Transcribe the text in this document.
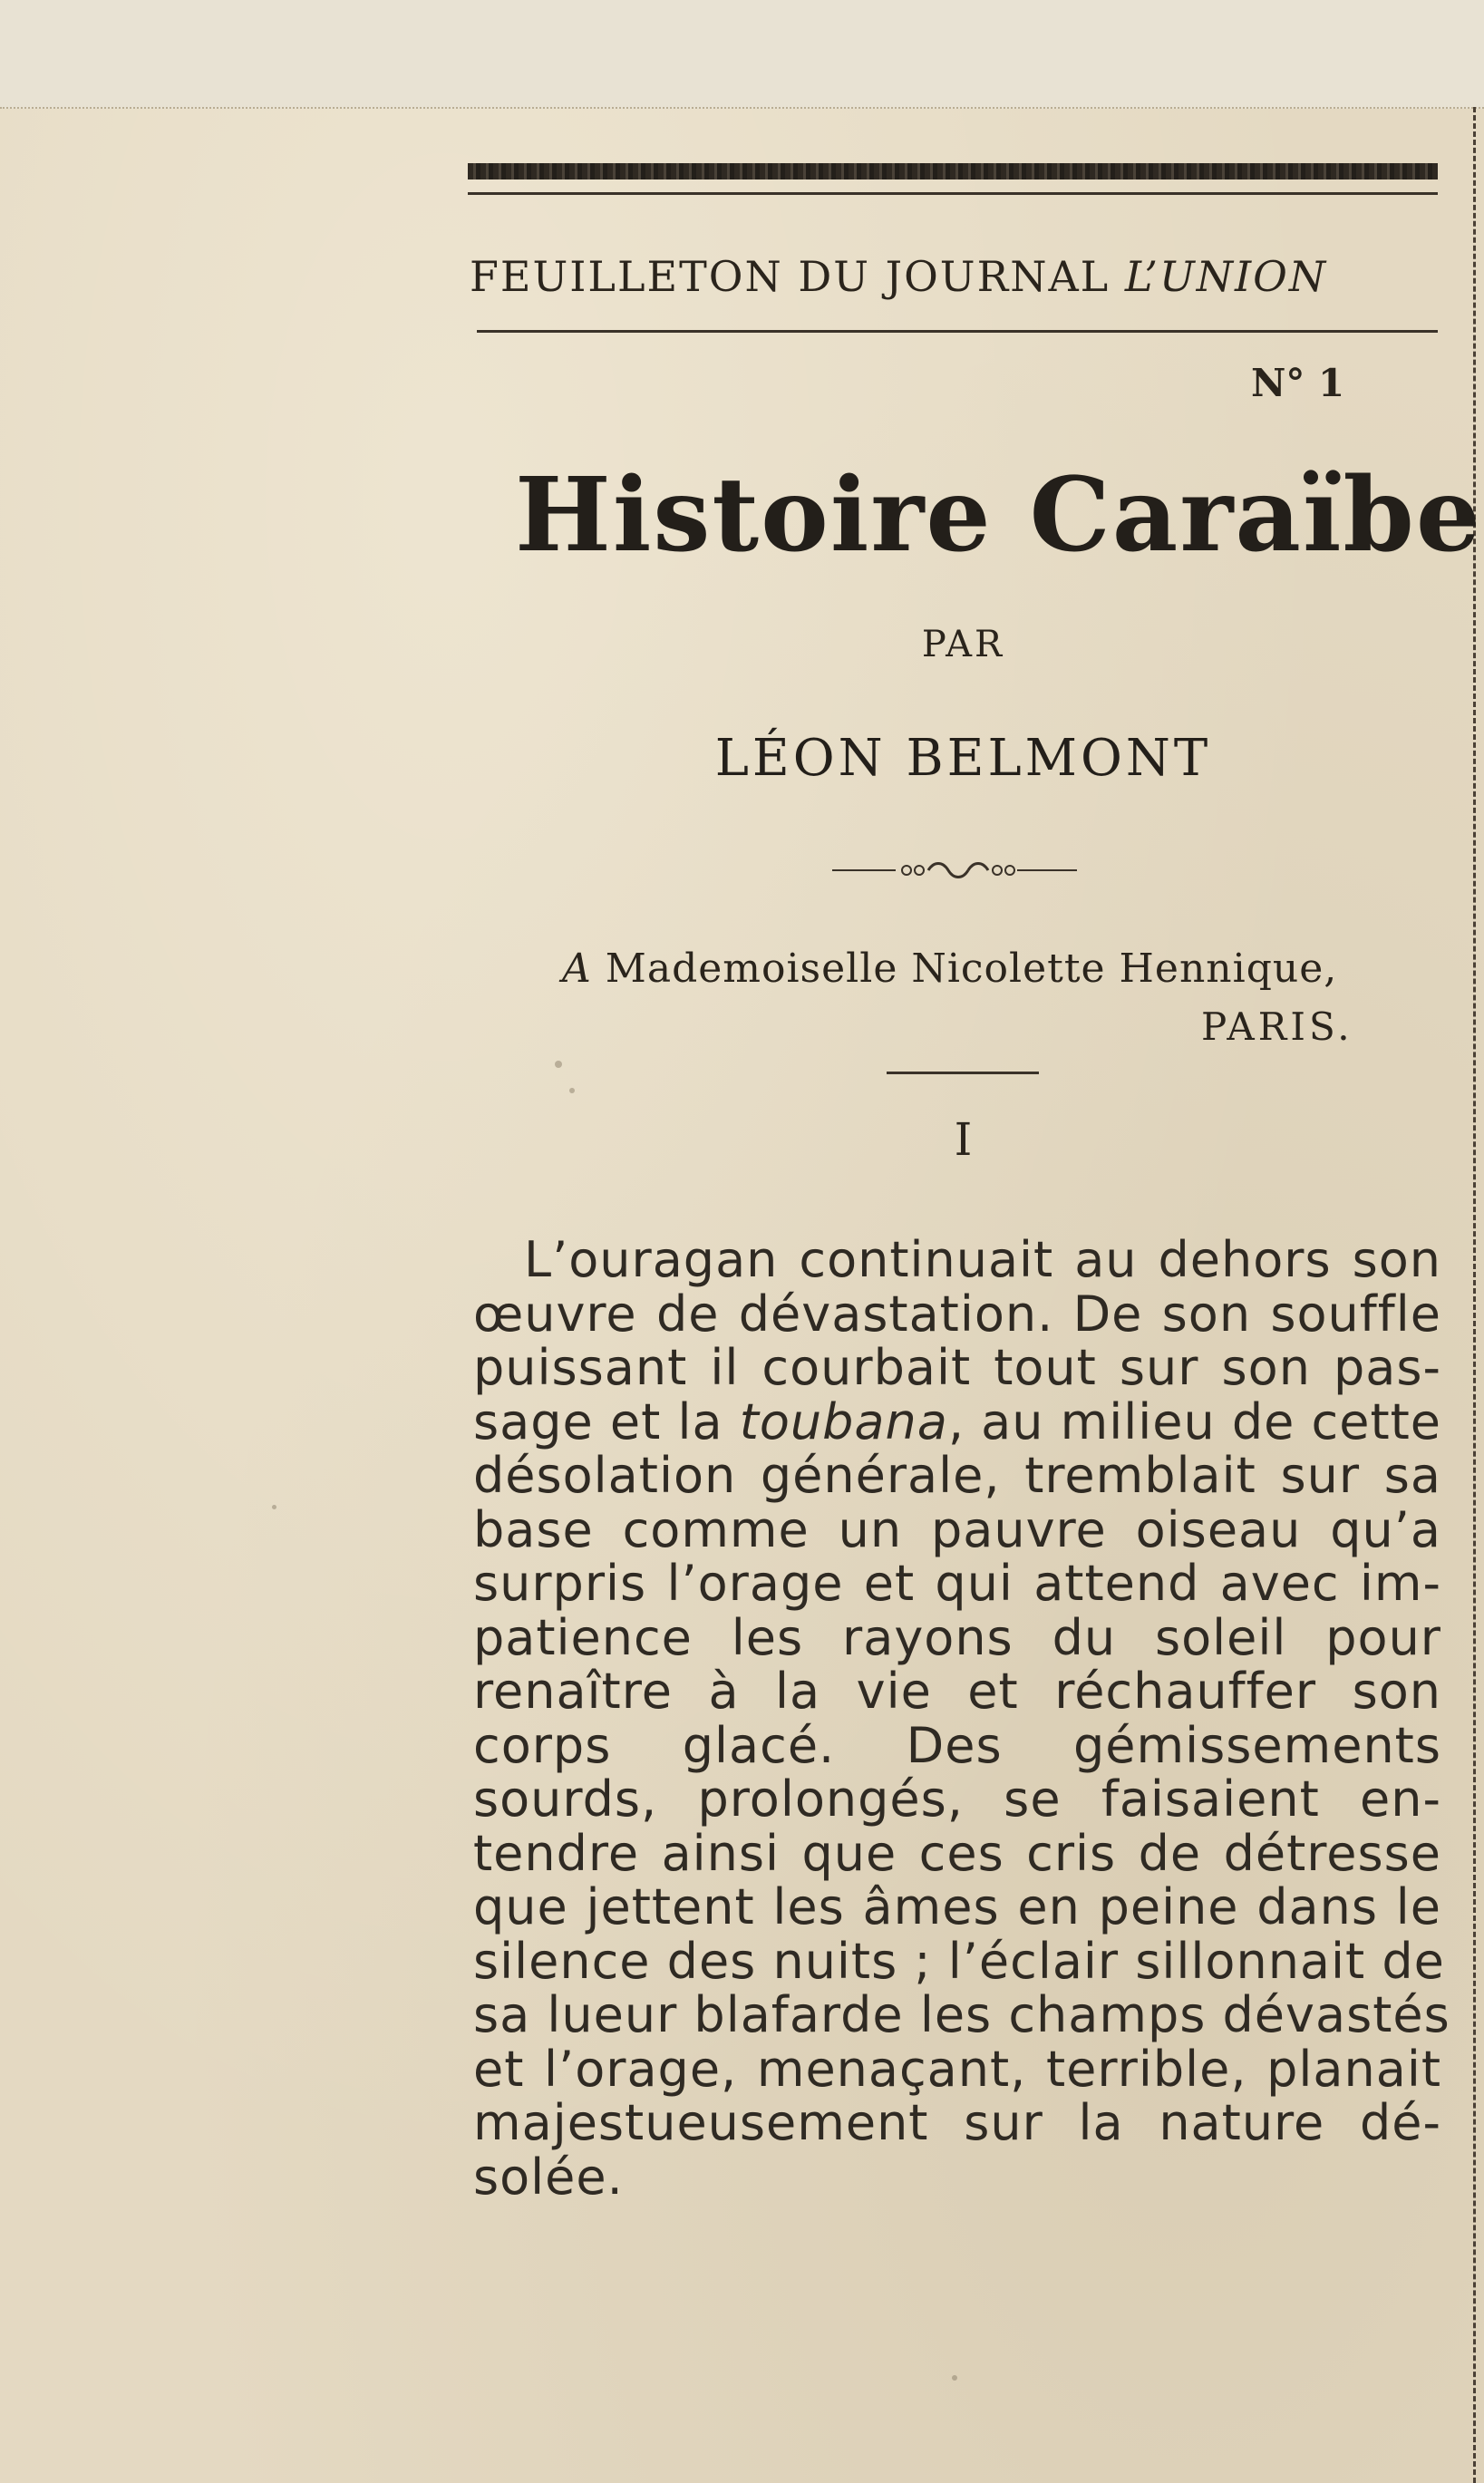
FEUILLETON DU JOURNAL L’UNION
N° 1
Histoire Caraïbe
PAR
LÉON BELMONT
A Mademoiselle Nicolette Hennique,
PARIS.
I
L’ouragan continuait au dehors son
œuvre de dévastation. De son souffle
puissant il courbait tout sur son pas-
sage et la toubana, au milieu de cette
désolation générale, tremblait sur sa
base comme un pauvre oiseau qu’a
surpris l’orage et qui attend avec im-
patience les rayons du soleil pour
renaître à la vie et réchauffer son
corps glacé. Des gémissements
sourds, prolongés, se faisaient en-
tendre ainsi que ces cris de détresse
que jettent les âmes en peine dans le
silence des nuits ; l’éclair sillonnait de
sa lueur blafarde les champs dévastés
et l’orage, menaçant, terrible, planait
majestueusement sur la nature dé-
solée.
